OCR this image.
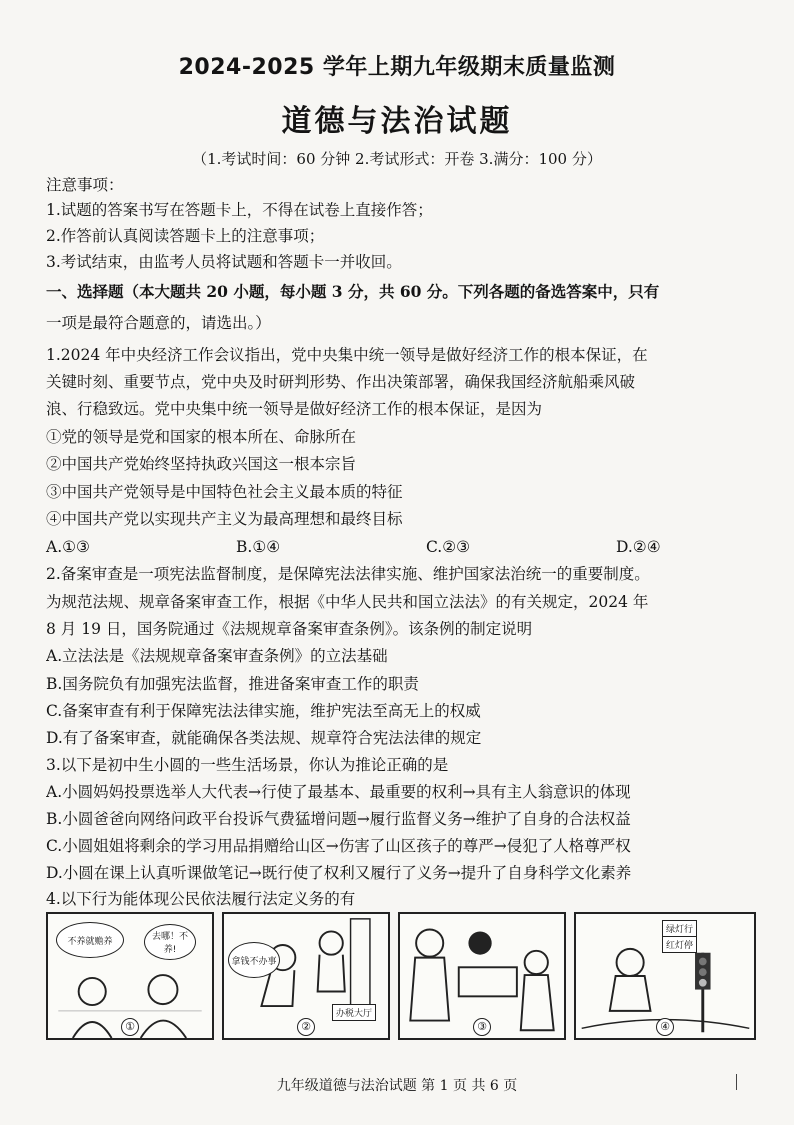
2024-2025 学年上期九年级期末质量监测
道德与法治试题
（1.考试时间：60 分钟 2.考试形式：开卷 3.满分：100 分）
注意事项：
1.试题的答案书写在答题卡上，不得在试卷上直接作答；
2.作答前认真阅读答题卡上的注意事项；
3.考试结束，由监考人员将试题和答题卡一并收回。
一、选择题（本大题共 20 小题，每小题 3 分，共 60 分。下列各题的备选答案中，只有
一项是最符合题意的，请选出。）
1.2024 年中央经济工作会议指出，党中央集中统一领导是做好经济工作的根本保证，在
关键时刻、重要节点，党中央及时研判形势、作出决策部署，确保我国经济航船乘风破
浪、行稳致远。党中央集中统一领导是做好经济工作的根本保证，是因为
①党的领导是党和国家的根本所在、命脉所在
②中国共产党始终坚持执政兴国这一根本宗旨
③中国共产党领导是中国特色社会主义最本质的特征
④中国共产党以实现共产主义为最高理想和最终目标
A.①③	B.①④	C.②③	D.②④
2.备案审查是一项宪法监督制度，是保障宪法法律实施、维护国家法治统一的重要制度。
为规范法规、规章备案审查工作，根据《中华人民共和国立法法》的有关规定，2024 年
8 月 19 日，国务院通过《法规规章备案审查条例》。该条例的制定说明
A.立法法是《法规规章备案审查条例》的立法基础
B.国务院负有加强宪法监督，推进备案审查工作的职责
C.备案审查有利于保障宪法法律实施，维护宪法至高无上的权威
D.有了备案审查，就能确保各类法规、规章符合宪法法律的规定
3.以下是初中生小圆的一些生活场景，你认为推论正确的是
A.小圆妈妈投票选举人大代表→行使了最基本、最重要的权利→具有主人翁意识的体现
B.小圆爸爸向网络问政平台投诉气费猛增问题→履行监督义务→维护了自身的合法权益
C.小圆姐姐将剩余的学习用品捐赠给山区→伤害了山区孩子的尊严→侵犯了人格尊严权
D.小圆在课上认真听课做笔记→既行使了权利又履行了义务→提升了自身科学文化素养
4.以下行为能体现公民依法履行法定义务的有
不养就赡养	去哪！不养!
①
拿钱不办事
办税大厅
②	③
绿灯行
红灯停
④
九年级道德与法治试题 第 1 页 共 6 页
